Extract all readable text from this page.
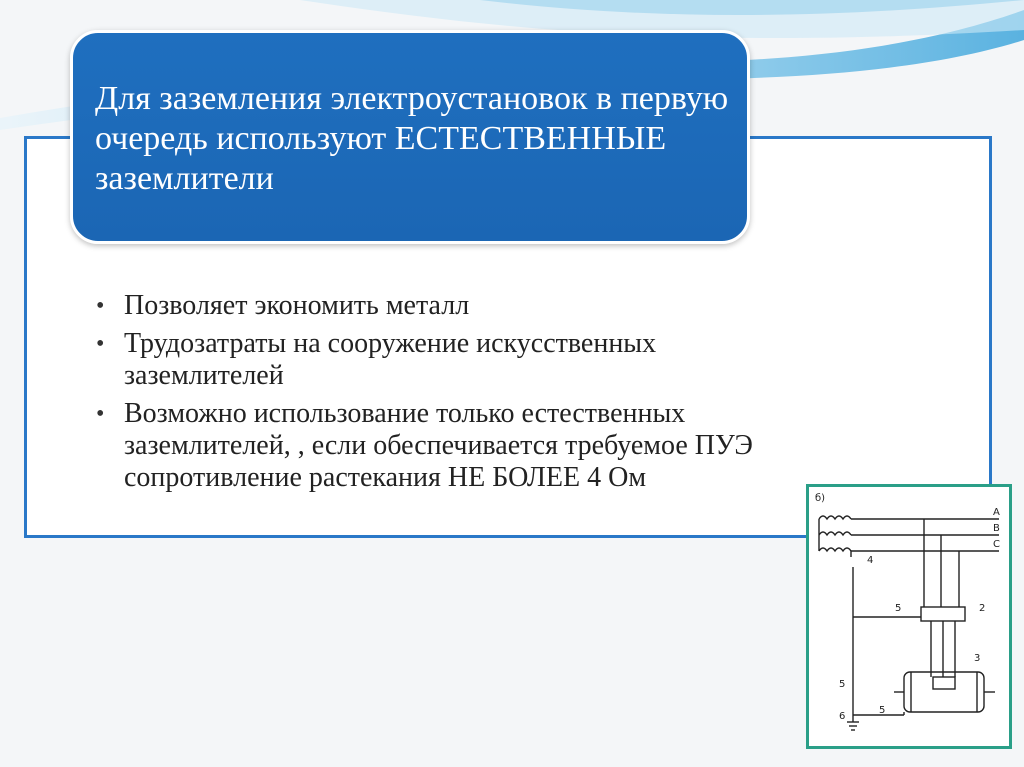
Для заземления электроустановок в первую очередь используют ЕСТЕСТВЕННЫЕ заземлители
• Позволяет экономить металл
• Трудозатраты на сооружение искусственных заземлителей
• Возможно использование только естественных заземлителей, , если обеспечивается требуемое ПУЭ сопротивление растекания НЕ БОЛЕЕ 4 Ом
б)
A
B
C
2
3
4
5
5
6
5
